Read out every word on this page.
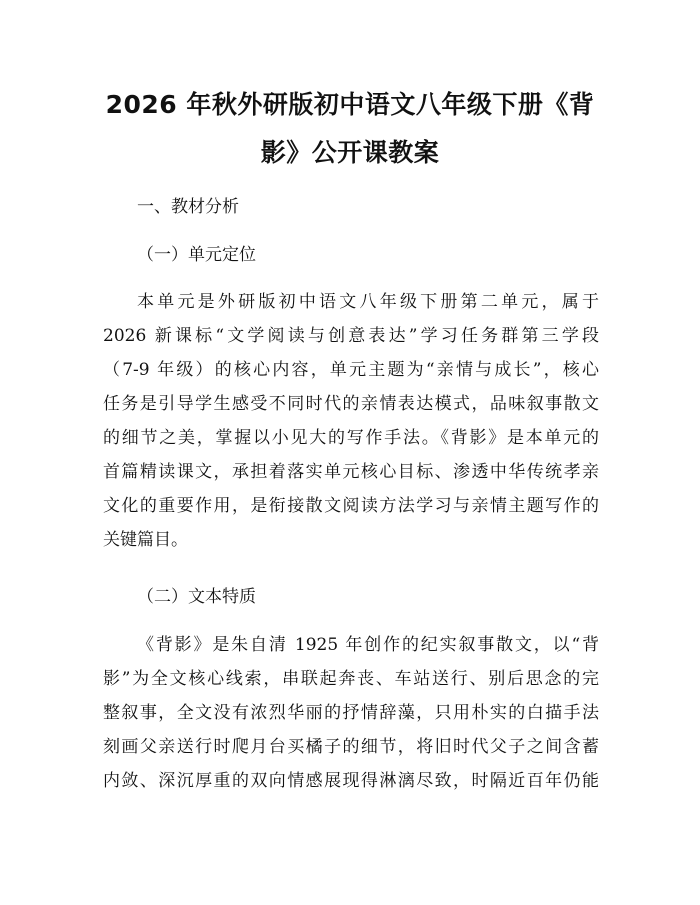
2026 年秋外研版初中语文八年级下册《背
影》公开课教案
一、教材分析
（一）单元定位
本单元是外研版初中语文八年级下册第二单元，属于
2026 新课标“文学阅读与创意表达”学习任务群第三学段
（7-9 年级）的核心内容，单元主题为“亲情与成长”，核心
任务是引导学生感受不同时代的亲情表达模式，品味叙事散文
的细节之美，掌握以小见大的写作手法。《背影》是本单元的
首篇精读课文，承担着落实单元核心目标、渗透中华传统孝亲
文化的重要作用，是衔接散文阅读方法学习与亲情主题写作的
关键篇目。
（二）文本特质
《背影》是朱自清 1925 年创作的纪实叙事散文，以“背
影”为全文核心线索，串联起奔丧、车站送行、别后思念的完
整叙事，全文没有浓烈华丽的抒情辞藻，只用朴实的白描手法
刻画父亲送行时爬月台买橘子的细节，将旧时代父子之间含蓄
内敛、深沉厚重的双向情感展现得淋漓尽致，时隔近百年仍能
